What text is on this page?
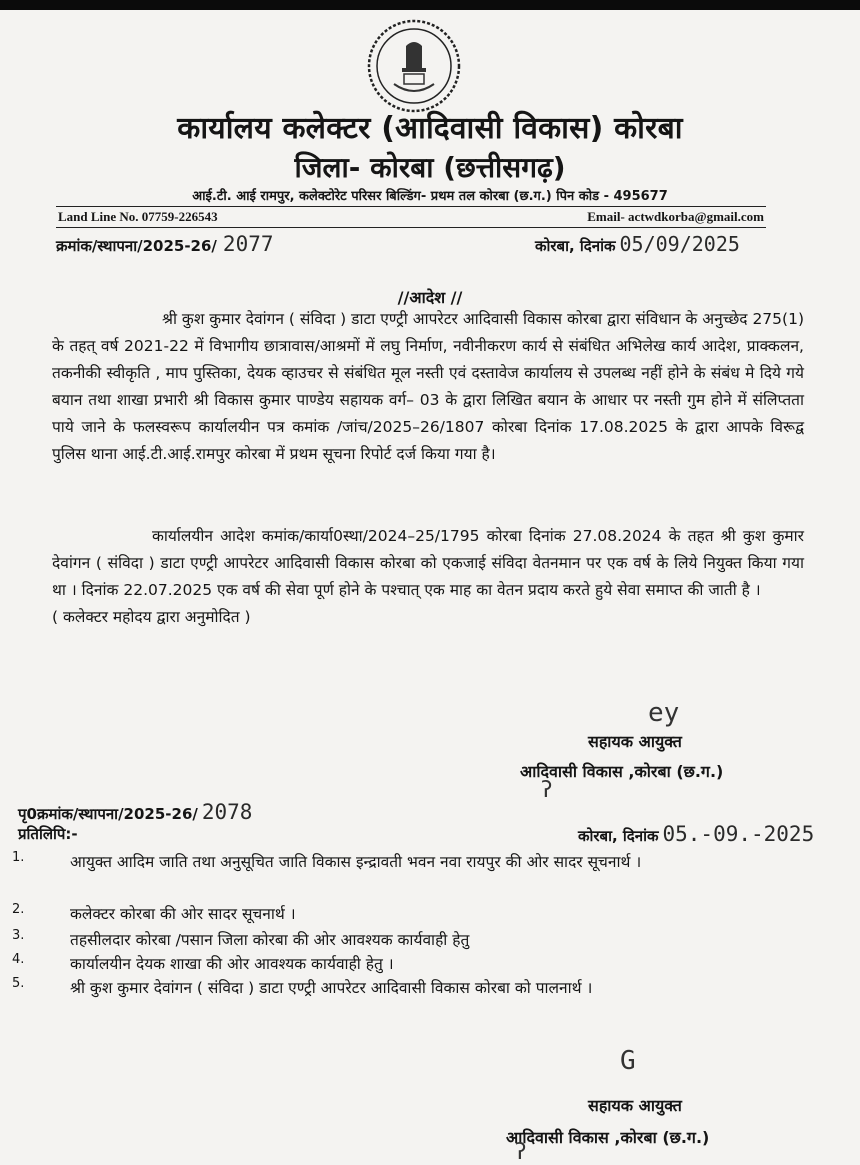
कार्यालय कलेक्टर (आदिवासी विकास) कोरबा
जिला- कोरबा (छत्तीसगढ़)
आई.टी. आई रामपुर, कलेक्टोरेट परिसर बिल्डिंग- प्रथम तल कोरबा (छ.ग.) पिन कोड - 495677
Land Line No. 07759-226543	Email- actwdkorba@gmail.com
क्रमांक/स्थापना/2025-26/ 2077	कोरबा, दिनांक 05/09/2025
//आदेश //
श्री कुश कुमार देवांगन ( संविदा ) डाटा एण्ट्री आपरेटर आदिवासी विकास कोरबा द्वारा संविधान के अनुच्छेद 275(1) के तहत् वर्ष 2021-22 में विभागीय छात्रावास/आश्रमों में लघु निर्माण, नवीनीकरण कार्य से संबंधित अभिलेख कार्य आदेश, प्राक्कलन, तकनीकी स्वीकृति , माप पुस्तिका, देयक व्हाउचर से संबंधित मूल नस्ती एवं दस्तावेज कार्यालय से उपलब्ध नहीं होने के संबंध मे दिये गये बयान तथा शाखा प्रभारी श्री विकास कुमार पाण्डेय सहायक वर्ग– 03 के द्वारा लिखित बयान के आधार पर नस्ती गुम होने में संलिप्तता पाये जाने के फलस्वरूप कार्यालयीन पत्र कमांक /जांच/2025–26/1807 कोरबा दिनांक 17.08.2025 के द्वारा आपके विरूद्व पुलिस थाना आई.टी.आई.रामपुर कोरबा में प्रथम सूचना रिपोर्ट दर्ज किया गया है।
कार्यालयीन आदेश कमांक/कार्या0स्था/2024–25/1795 कोरबा दिनांक 27.08.2024 के तहत श्री कुश कुमार देवांगन ( संविदा ) डाटा एण्ट्री आपरेटर आदिवासी विकास कोरबा को एकजाई संविदा वेतनमान पर एक वर्ष के लिये नियुक्त किया गया था । दिनांक 22.07.2025 एक वर्ष की सेवा पूर्ण होने के पश्चात् एक माह का वेतन प्रदाय करते हुये सेवा समाप्त की जाती है ।
( कलेक्टर महोदय द्वारा अनुमोदित )
ey
सहायक आयुक्त
आदिवासी विकास ,कोरबा (छ.ग.)
ʔ
पृ0क्रमांक/स्थापना/2025-26/ 2078
प्रतिलिपि:-	कोरबा, दिनांक 05.-09.-2025
1.	आयुक्त आदिम जाति तथा अनुसूचित जाति विकास इन्द्रावती भवन नवा रायपुर की ओर सादर सूचनार्थ ।
2.	कलेक्टर कोरबा की ओर सादर सूचनार्थ ।
3.	तहसीलदार कोरबा /पसान जिला कोरबा की ओर आवश्यक कार्यवाही हेतु
4.	कार्यालयीन देयक शाखा की ओर आवश्यक कार्यवाही हेतु ।
5.	श्री कुश कुमार देवांगन ( संविदा ) डाटा एण्ट्री आपरेटर आदिवासी विकास कोरबा को पालनार्थ ।
G
सहायक आयुक्त
आदिवासी विकास ,कोरबा (छ.ग.)
ʔ
